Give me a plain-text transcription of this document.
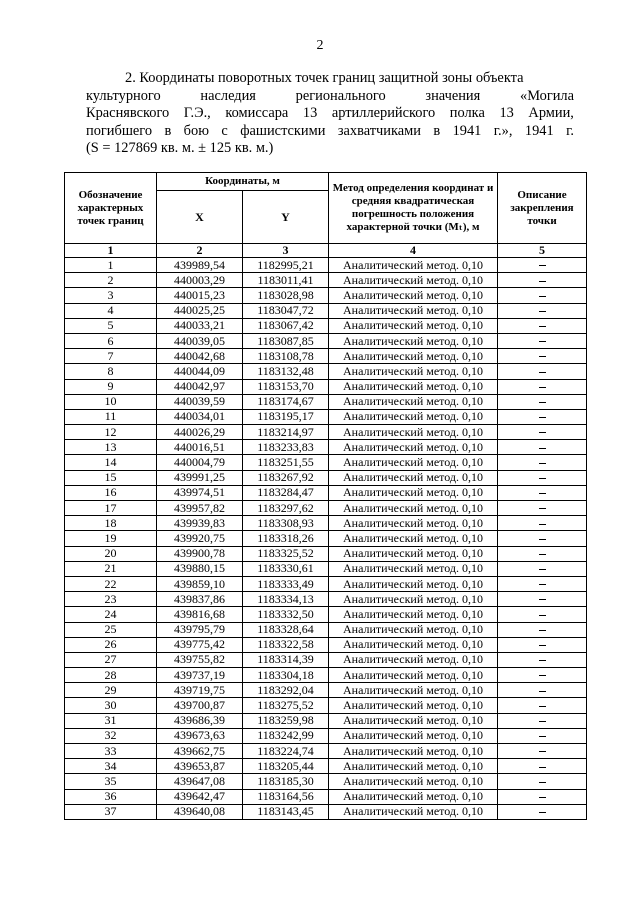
2
2. Координаты поворотных точек границ защитной зоны объекта
культурного	наследия	регионального	значения	«Могила
Краснявского Г.Э., комиссара 13 артиллерийского полка 13 Армии,
погибшего в бою с фашистскими захватчиками в 1941 г.», 1941 г.
(S = 127869 кв. м. ± 125 кв. м.)
Обозначение характерных точек границ	Координаты, м		Метод определения координат и средняя квадратическая погрешность положения характерной точки (Mₜ), м	Описание закрепления точки
	X	Y		
1	2	3	4	5
1	439989,54	1182995,21	Аналитический метод. 0,10	
2	440003,29	1183011,41	Аналитический метод. 0,10	
3	440015,23	1183028,98	Аналитический метод. 0,10	
4	440025,25	1183047,72	Аналитический метод. 0,10	
5	440033,21	1183067,42	Аналитический метод. 0,10	
6	440039,05	1183087,85	Аналитический метод. 0,10	
7	440042,68	1183108,78	Аналитический метод. 0,10	
8	440044,09	1183132,48	Аналитический метод. 0,10	
9	440042,97	1183153,70	Аналитический метод. 0,10	
10	440039,59	1183174,67	Аналитический метод. 0,10	
11	440034,01	1183195,17	Аналитический метод. 0,10	
12	440026,29	1183214,97	Аналитический метод. 0,10	
13	440016,51	1183233,83	Аналитический метод. 0,10	
14	440004,79	1183251,55	Аналитический метод. 0,10	
15	439991,25	1183267,92	Аналитический метод. 0,10	
16	439974,51	1183284,47	Аналитический метод. 0,10	
17	439957,82	1183297,62	Аналитический метод. 0,10	
18	439939,83	1183308,93	Аналитический метод. 0,10	
19	439920,75	1183318,26	Аналитический метод. 0,10	
20	439900,78	1183325,52	Аналитический метод. 0,10	
21	439880,15	1183330,61	Аналитический метод. 0,10	
22	439859,10	1183333,49	Аналитический метод. 0,10	
23	439837,86	1183334,13	Аналитический метод. 0,10	
24	439816,68	1183332,50	Аналитический метод. 0,10	
25	439795,79	1183328,64	Аналитический метод. 0,10	
26	439775,42	1183322,58	Аналитический метод. 0,10	
27	439755,82	1183314,39	Аналитический метод. 0,10	
28	439737,19	1183304,18	Аналитический метод. 0,10	
29	439719,75	1183292,04	Аналитический метод. 0,10	
30	439700,87	1183275,52	Аналитический метод. 0,10	
31	439686,39	1183259,98	Аналитический метод. 0,10	
32	439673,63	1183242,99	Аналитический метод. 0,10	
33	439662,75	1183224,74	Аналитический метод. 0,10	
34	439653,87	1183205,44	Аналитический метод. 0,10	
35	439647,08	1183185,30	Аналитический метод. 0,10	
36	439642,47	1183164,56	Аналитический метод. 0,10	
37	439640,08	1183143,45	Аналитический метод. 0,10	
